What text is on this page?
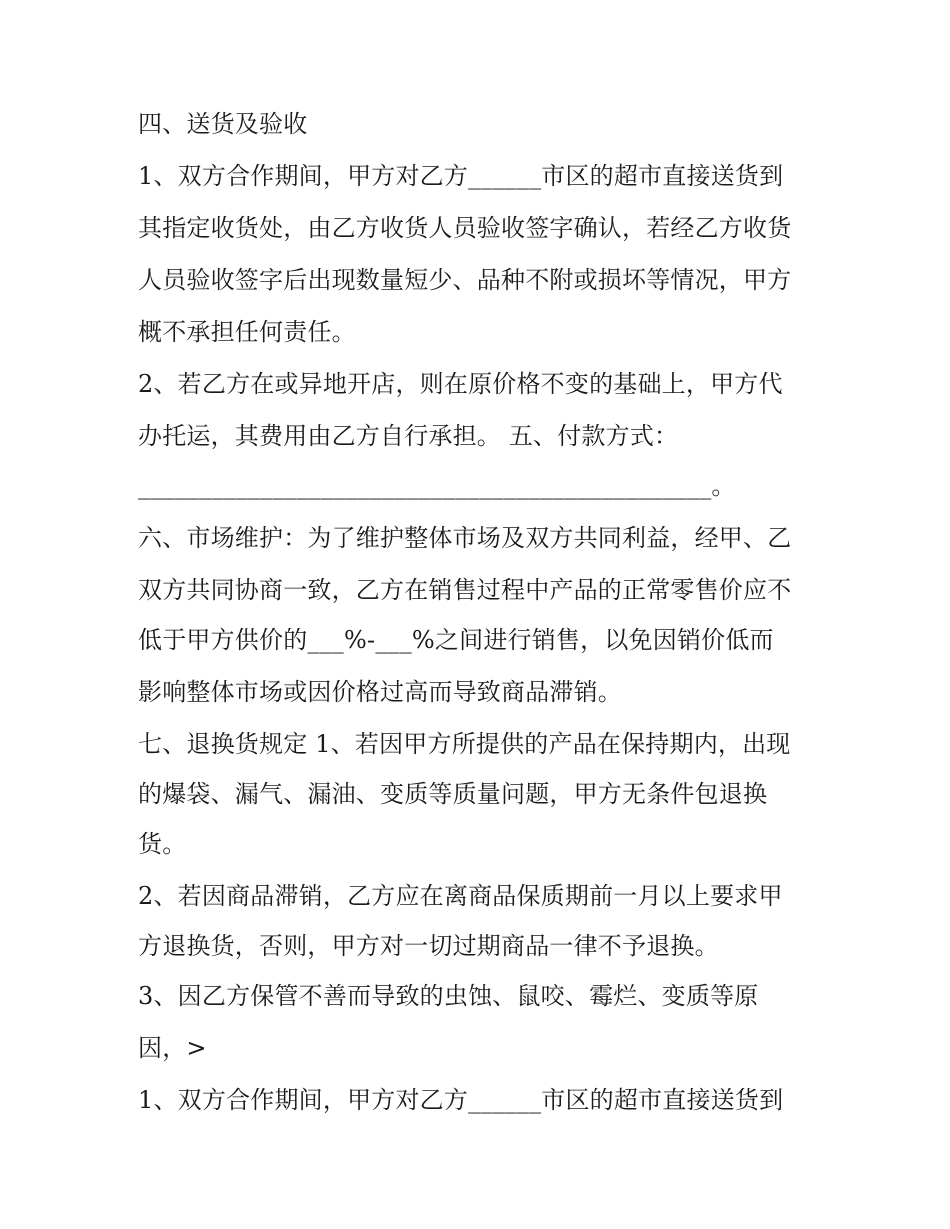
四、送货及验收
1、双方合作期间，甲方对乙方______市区的超市直接送货到
其指定收货处，由乙方收货人员验收签字确认，若经乙方收货
人员验收签字后出现数量短少、品种不附或损坏等情况，甲方
概不承担任何责任。
2、若乙方在或异地开店，则在原价格不变的基础上，甲方代
办托运，其费用由乙方自行承担。 五、付款方式：
_______________________________________________。
六、市场维护：为了维护整体市场及双方共同利益，经甲、乙
双方共同协商一致，乙方在销售过程中产品的正常零售价应不
低于甲方供价的___%-___%之间进行销售，以免因销价低而
影响整体市场或因价格过高而导致商品滞销。
七、退换货规定 1、若因甲方所提供的产品在保持期内，出现
的爆袋、漏气、漏油、变质等质量问题，甲方无条件包退换
货。
2、若因商品滞销，乙方应在离商品保质期前一月以上要求甲
方退换货，否则，甲方对一切过期商品一律不予退换。
3、因乙方保管不善而导致的虫蚀、鼠咬、霉烂、变质等原
因，>
1、双方合作期间，甲方对乙方______市区的超市直接送货到
